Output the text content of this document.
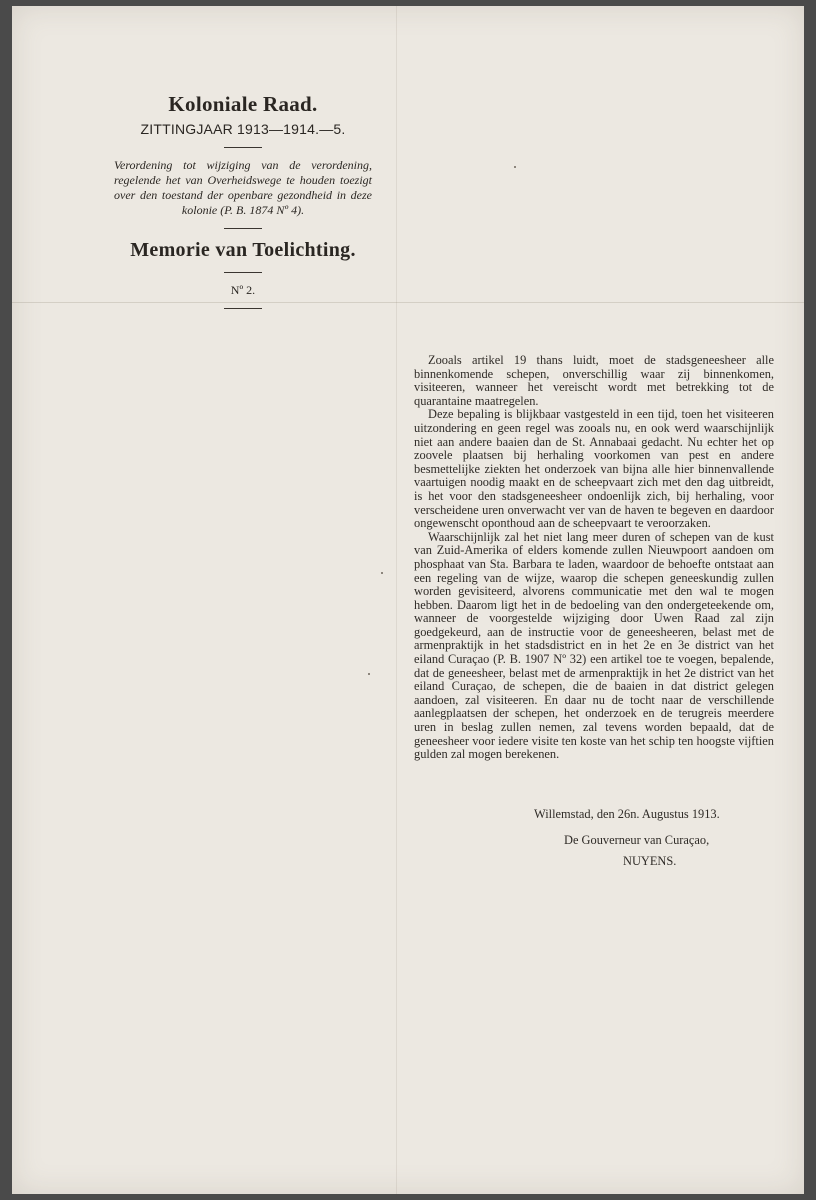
Koloniale Raad.
ZITTINGJAAR 1913—1914.—5.
Verordening tot wijziging van de verordening, regelende het van Overheidswege te houden toezigt over den toestand der openbare gezondheid in deze kolonie (P. B. 1874 Nº 4).
Memorie van Toelichting.
Nº 2.

Zooals artikel 19 thans luidt, moet de stadsgeneesheer alle binnenkomende schepen, onverschillig waar zij binnenkomen, visiteeren, wanneer het vereischt wordt met betrekking tot de quarantaine maatregelen.

Deze bepaling is blijkbaar vastgesteld in een tijd, toen het visiteeren uitzondering en geen regel was zooals nu, en ook werd waarschijnlijk niet aan andere baaien dan de St. Annabaai gedacht. Nu echter het op zoovele plaatsen bij herhaling voorkomen van pest en andere besmettelijke ziekten het onderzoek van bijna alle hier binnenvallende vaartuigen noodig maakt en de scheepvaart zich met den dag uitbreidt, is het voor den stadsgeneesheer ondoenlijk zich, bij herhaling, voor verscheidene uren onverwacht ver van de haven te begeven en daardoor ongewenscht oponthoud aan de scheepvaart te veroorzaken.

Waarschijnlijk zal het niet lang meer duren of schepen van de kust van Zuid-Amerika of elders komende zullen Nieuwpoort aandoen om phosphaat van Sta. Barbara te laden, waardoor de behoefte ontstaat aan een regeling van de wijze, waarop die schepen geneeskundig zullen worden gevisiteerd, alvorens communicatie met den wal te mogen hebben. Daarom ligt het in de bedoeling van den ondergeteekende om, wanneer de voorgestelde wijziging door Uwen Raad zal zijn goedgekeurd, aan de instructie voor de geneesheeren, belast met de armenpraktijk in het stadsdistrict en in het 2e en 3e district van het eiland Curaçao (P. B. 1907 Nº 32) een artikel toe te voegen, bepalende, dat de geneesheer, belast met de armenpraktijk in het 2e district van het eiland Curaçao, de schepen, die de baaien in dat district gelegen aandoen, zal visiteeren. En daar nu de tocht naar de verschillende aanlegplaatsen der schepen, het onderzoek en de terugreis meerdere uren in beslag zullen nemen, zal tevens worden bepaald, dat de geneesheer voor iedere visite ten koste van het schip ten hoogste vijftien gulden zal mogen berekenen.

Willemstad, den 26n. Augustus 1913.
De Gouverneur van Curaçao,
NUYENS.
